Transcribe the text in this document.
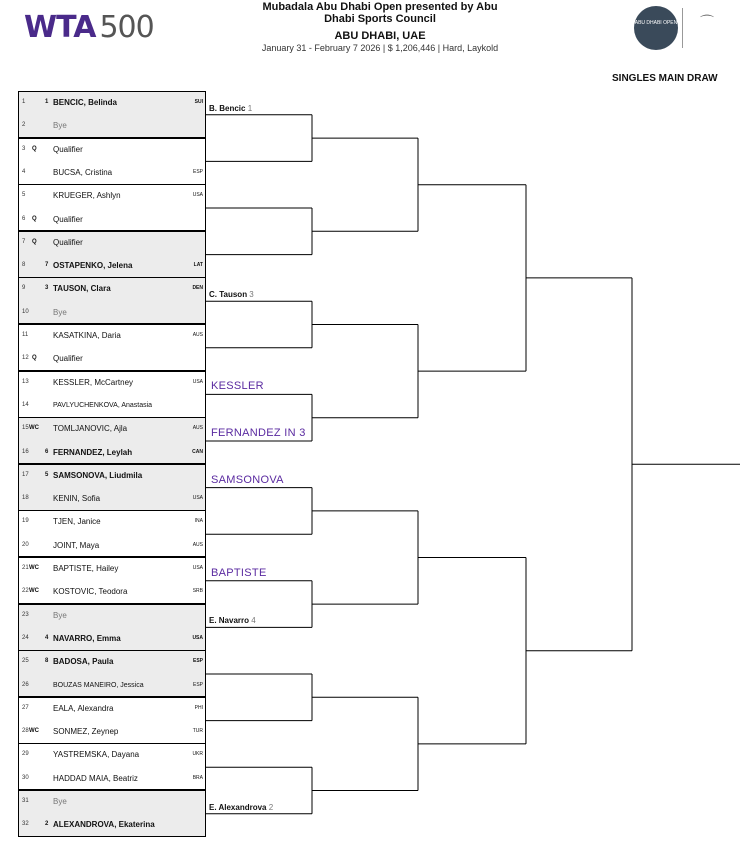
WTA 500
Mubadala Abu Dhabi Open presented by Abu Dhabi Sports Council
ABU DHABI, UAE
January 31 - February 7 2026 | $ 1,206,446 | Hard, Laykold
ABU DHABI OPEN	⌒
SINGLES MAIN DRAW
1	1 BENCIC, Belinda	SUI
2	Bye
3 Q Qualifier
4	BUCSA, Cristina	ESP
5	KRUEGER, Ashlyn	USA
6 Q Qualifier
7 Q Qualifier
8	7 OSTAPENKO, Jelena	LAT
9	3 TAUSON, Clara	DEN
10	Bye
11	KASATKINA, Daria	AUS
12 Q Qualifier
13	KESSLER, McCartney	USA
14	PAVLYUCHENKOVA, Anastasia
15 WC TOMLJANOVIC, Ajla	AUS
16	6 FERNANDEZ, Leylah	CAN
17	5 SAMSONOVA, Liudmila
18	KENIN, Sofia	USA
19	TJEN, Janice	INA
20	JOINT, Maya	AUS
21 WC BAPTISTE, Hailey	USA
22 WC KOSTOVIC, Teodora	SRB
23	Bye
24	4 NAVARRO, Emma	USA
25	8 BADOSA, Paula	ESP
26	BOUZAS MANEIRO, Jessica	ESP
27	EALA, Alexandra	PHI
28 WC SONMEZ, Zeynep	TUR
29	YASTREMSKA, Dayana	UKR
30	HADDAD MAIA, Beatriz	BRA
31	Bye
32	2 ALEXANDROVA, Ekaterina
B. Bencic 1
C. Tauson 3
KESSLER
FERNANDEZ IN 3
SAMSONOVA
BAPTISTE
E. Navarro 4
E. Alexandrova 2
